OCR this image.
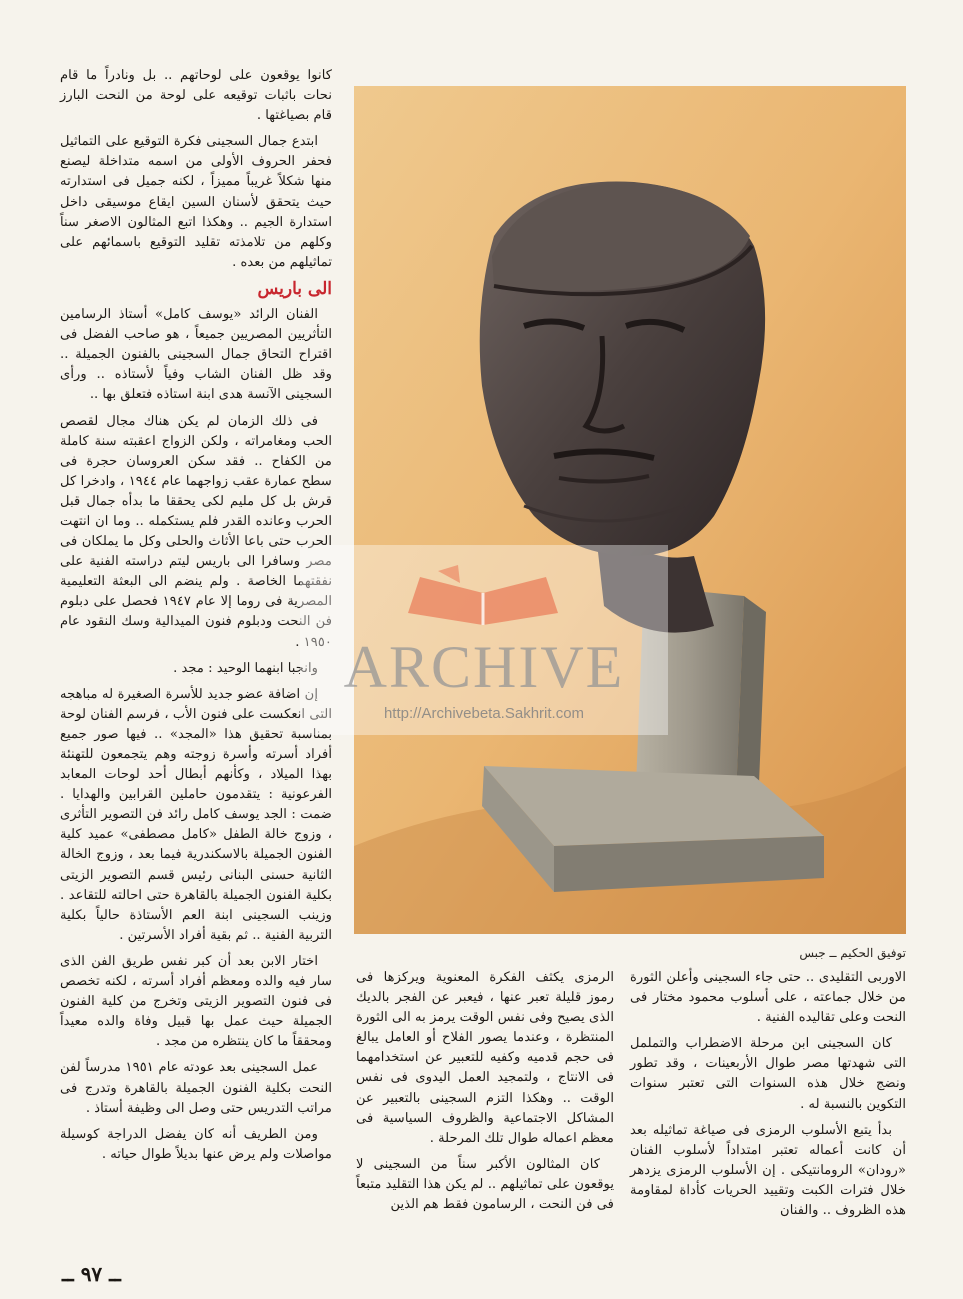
توفيق الحكيم ــ جبس

كانوا يوقعون على لوحاتهم .. بل ونادراً ما قام نحات باثبات توقيعه على لوحة من النحت البارز قام بصياغتها .

ابتدع جمال السجينى فكرة التوقيع على التماثيل فحفر الحروف الأولى من اسمه متداخلة ليصنع منها شكلاً غريباً مميزاً ، لكنه جميل فى استدارته حيث يتحقق لأسنان السين ايقاع موسيقى داخل استدارة الجيم .. وهكذا اتبع المثالون الاصغر سناً وكلهم من تلامذته تقليد التوقيع باسمائهم على تماثيلهم من بعده .

الى باريس

الفنان الرائد «يوسف كامل» أستاذ الرسامين التأثريين المصريين جميعاً ، هو صاحب الفضل فى اقتراح التحاق جمال السجينى بالفنون الجميلة .. وقد ظل الفنان الشاب وفياً لأستاذه .. ورأى السجينى الآنسة هدى ابنة استاذه فتعلق بها ..

فى ذلك الزمان لم يكن هناك مجال لقصص الحب ومغامراته ، ولكن الزواج اعقبته سنة كاملة من الكفاح .. فقد سكن العروسان حجرة فى سطح عمارة عقب زواجهما عام ١٩٤٤ ، وادخرا كل قرش بل كل مليم لكى يحققا ما بدأه جمال قبل الحرب وعانده القدر فلم يستكمله .. وما ان انتهت الحرب حتى باعا الأثاث والحلى وكل ما يملكان فى مصر وسافرا الى باريس ليتم دراسته الفنية على نفقتهما الخاصة . ولم ينضم الى البعثة التعليمية المصرية فى روما إلا عام ١٩٤٧ فحصل على دبلوم فن النحت ودبلوم فنون الميدالية وسك النقود عام ١٩٥٠ .

وانجبا ابنهما الوحيد : مجد .

إن اضافة عضو جديد للأسرة الصغيرة له مباهجه التى انعكست على فنون الأب ، فرسم الفنان لوحة بمناسبة تحقيق هذا «المجد» .. فيها صور جميع أفراد أسرته وأسرة زوجته وهم يتجمعون للتهنئة بهذا الميلاد ، وكأنهم أبطال أحد لوحات المعابد الفرعونية : يتقدمون حاملين القرابين والهدايا . ضمت : الجد يوسف كامل رائد فن التصوير التأثرى ، وزوج خالة الطفل «كامل مصطفى» عميد كلية الفنون الجميلة بالاسكندرية فيما بعد ، وزوج الخالة الثانية حسنى البنانى رئيس قسم التصوير الزيتى بكلية الفنون الجميلة بالقاهرة حتى احالته للتقاعد . وزينب السجينى ابنة العم الأستاذة حالياً بكلية التربية الفنية .. ثم بقية أفراد الأسرتين .

اختار الابن بعد أن كبر نفس طريق الفن الذى سار فيه والده ومعظم أفراد أسرته ، لكنه تخصص فى فنون التصوير الزيتى وتخرج من كلية الفنون الجميلة حيث عمل بها قبيل وفاة والده معيداً ومحققاً ما كان ينتظره من مجد .

عمل السجينى بعد عودته عام ١٩٥١ مدرساً لفن النحت بكلية الفنون الجميلة بالقاهرة وتدرج فى مراتب التدريس حتى وصل الى وظيفة أستاذ .

ومن الطريف أنه كان يفضل الدراجة كوسيلة مواصلات ولم يرض عنها بديلاً طوال حياته .

الرمزى يكثف الفكرة المعنوية ويركزها فى رموز قليلة تعبر عنها ، فيعبر عن الفجر بالديك الذى يصيح وفى نفس الوقت يرمز به الى الثورة المنتظرة ، وعندما يصور الفلاح أو العامل يبالغ فى حجم قدميه وكفيه للتعبير عن استخدامهما فى الانتاج ، ولتمجيد العمل اليدوى فى نفس الوقت .. وهكذا التزم السجينى بالتعبير عن المشاكل الاجتماعية والظروف السياسية فى معظم اعماله طوال تلك المرحلة .

كان المثالون الأكبر سناً من السجينى لا يوقعون على تماثيلهم .. لم يكن هذا التقليد متبعاً فى فن النحت ، الرسامون فقط هم الذين

الاوربى التقليدى .. حتى جاء السجينى وأعلن الثورة من خلال جماعته ، على أسلوب محمود مختار فى النحت وعلى تقاليده الفنية .

كان السجينى ابن مرحلة الاضطراب والتململ التى شهدتها مصر طوال الأربعينات ، وقد تطور ونضج خلال هذه السنوات التى تعتبر سنوات التكوين بالنسبة له .

بدأ يتبع الأسلوب الرمزى فى صياغة تماثيله بعد أن كانت أعماله تعتبر امتداداً لأسلوب الفنان «رودان» الرومانتيكى . إن الأسلوب الرمزى يزدهر خلال فترات الكبت وتقييد الحريات كأداة لمقاومة هذه الظروف .. والفنان

ARCHIVE
http://Archivebeta.Sakhrit.com
ــ ٩٧ ــ
